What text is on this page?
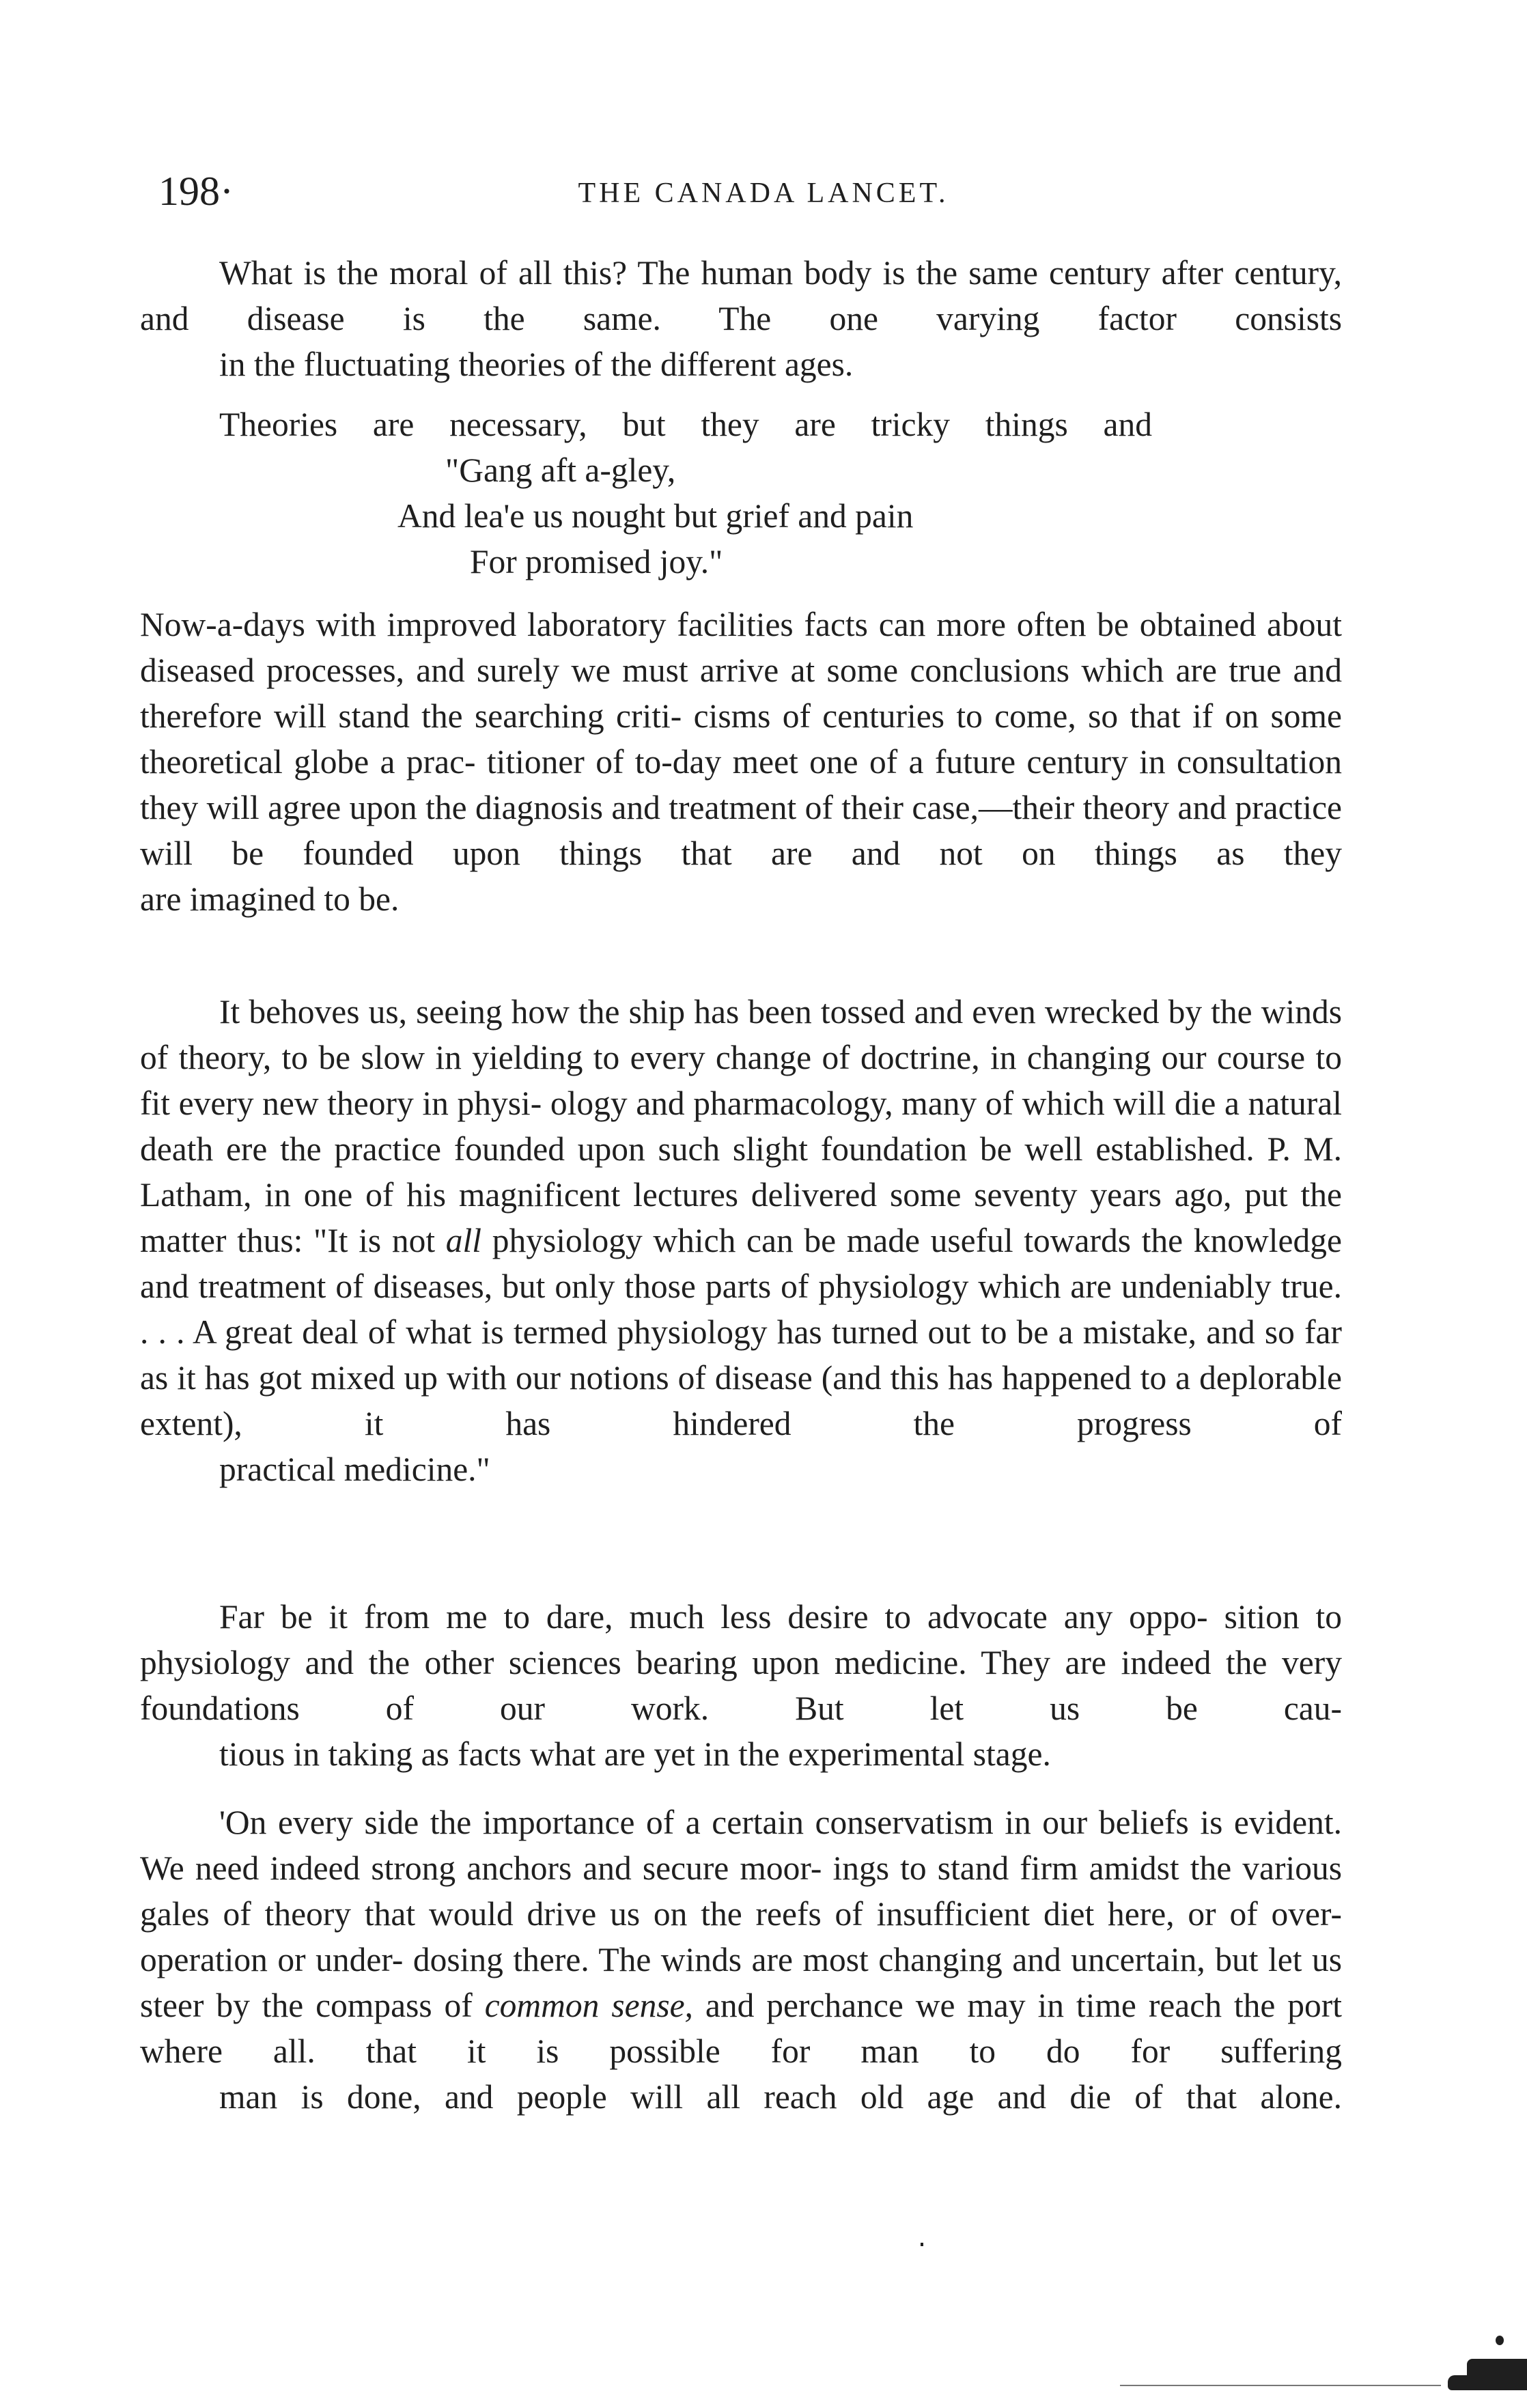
198·	THE CANADA LANCET.

What is the moral of all this? The human body is the same century after century, and disease is the same. The one varying factor consists
in the fluctuating theories of the different ages.

Theories are necessary, but they are tricky things and
"Gang aft a-gley,
And lea'e us nought but grief and pain
For promised joy."

Now-a-days with improved laboratory facilities facts can more often be obtained about diseased processes, and surely we must arrive at some conclusions which are true and therefore will stand the searching criti- cisms of centuries to come, so that if on some theoretical globe a prac- titioner of to-day meet one of a future century in consultation they will agree upon the diagnosis and treatment of their case,—their theory and practice will be founded upon things that are and not on things as they
are imagined to be.

It behoves us, seeing how the ship has been tossed and even wrecked by the winds of theory, to be slow in yielding to every change of doctrine, in changing our course to fit every new theory in physi- ology and pharmacology, many of which will die a natural death ere the practice founded upon such slight foundation be well established. P. M. Latham, in one of his magnificent lectures delivered some seventy years ago, put the matter thus: "It is not all physiology which can be made useful towards the knowledge and treatment of diseases, but only those parts of physiology which are undeniably true. . . . A great deal of what is termed physiology has turned out to be a mistake, and so far as it has got mixed up with our notions of disease (and this has happened to a deplorable extent), it has hindered the progress of
practical medicine."

Far be it from me to dare, much less desire to advocate any oppo- sition to physiology and the other sciences bearing upon medicine. They are indeed the very foundations of our work. But let us be cau-
tious in taking as facts what are yet in the experimental stage.

'On every side the importance of a certain conservatism in our beliefs is evident. We need indeed strong anchors and secure moor- ings to stand firm amidst the various gales of theory that would drive us on the reefs of insufficient diet here, or of over-operation or under- dosing there. The winds are most changing and uncertain, but let us steer by the compass of common sense, and perchance we may in time reach the port where all. that it is possible for man to do for suffering
man is done, and people will all reach old age and die of that alone.
